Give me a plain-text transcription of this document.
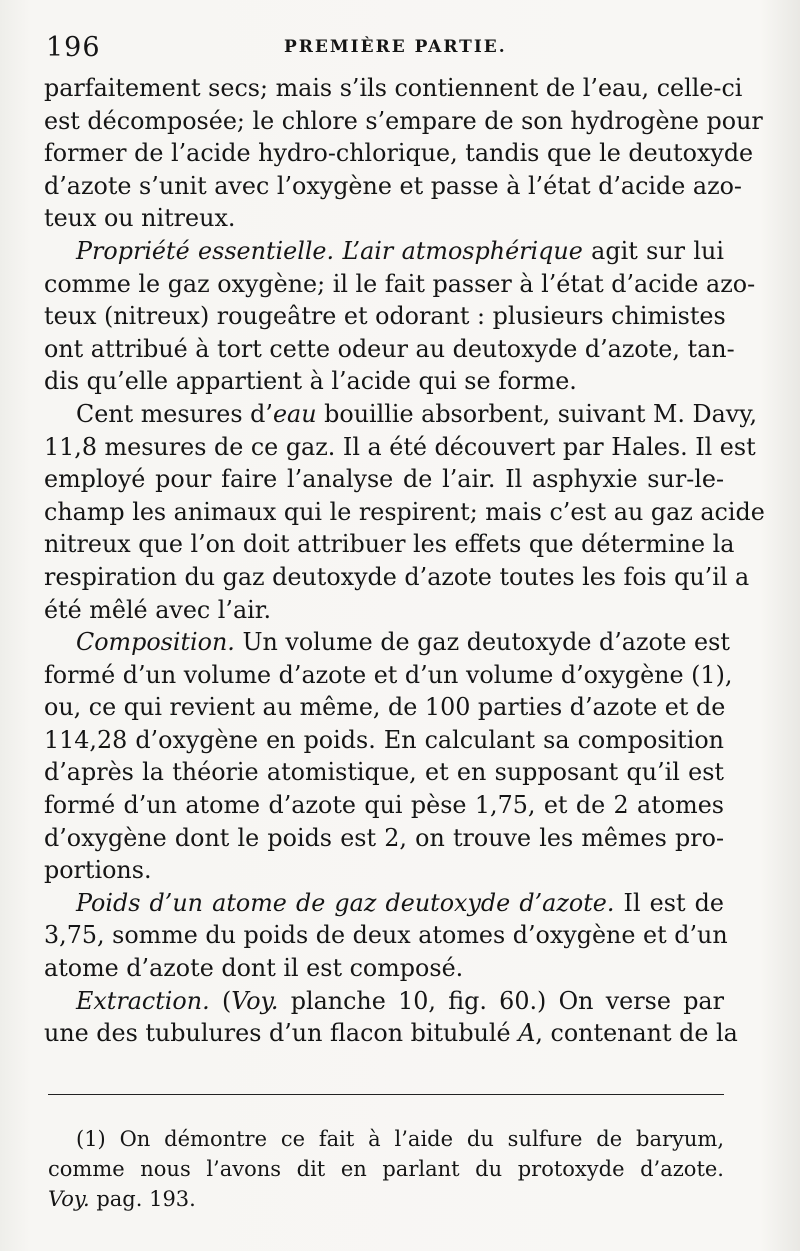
196	PREMIÈRE PARTIE.
parfaitement secs; mais s’ils contiennent de l’eau, celle-ci
est décomposée; le chlore s’empare de son hydrogène pour
former de l’acide hydro-chlorique, tandis que le deutoxyde
d’azote s’unit avec l’oxygène et passe à l’état d’acide azo-
teux ou nitreux.
Propriété essentielle. L’air atmosphérique agit sur lui
comme le gaz oxygène; il le fait passer à l’état d’acide azo-
teux (nitreux) rougeâtre et odorant : plusieurs chimistes
ont attribué à tort cette odeur au deutoxyde d’azote, tan-
dis qu’elle appartient à l’acide qui se forme.
Cent mesures d’eau bouillie absorbent, suivant M. Davy,
11,8 mesures de ce gaz. Il a été découvert par Hales. Il est
employé pour faire l’analyse de l’air. Il asphyxie sur-le-
champ les animaux qui le respirent; mais c’est au gaz acide
nitreux que l’on doit attribuer les effets que détermine la
respiration du gaz deutoxyde d’azote toutes les fois qu’il a
été mêlé avec l’air.
Composition. Un volume de gaz deutoxyde d’azote est
formé d’un volume d’azote et d’un volume d’oxygène (1),
ou, ce qui revient au même, de 100 parties d’azote et de
114,28 d’oxygène en poids. En calculant sa composition
d’après la théorie atomistique, et en supposant qu’il est
formé d’un atome d’azote qui pèse 1,75, et de 2 atomes
d’oxygène dont le poids est 2, on trouve les mêmes pro-
portions.
Poids d’un atome de gaz deutoxyde d’azote. Il est de
3,75, somme du poids de deux atomes d’oxygène et d’un
atome d’azote dont il est composé.
Extraction. (Voy. planche 10, fig. 60.) On verse par
une des tubulures d’un flacon bitubulé A, contenant de la
(1) On démontre ce fait à l’aide du sulfure de baryum,
comme nous l’avons dit en parlant du protoxyde d’azote.
Voy. pag. 193.
